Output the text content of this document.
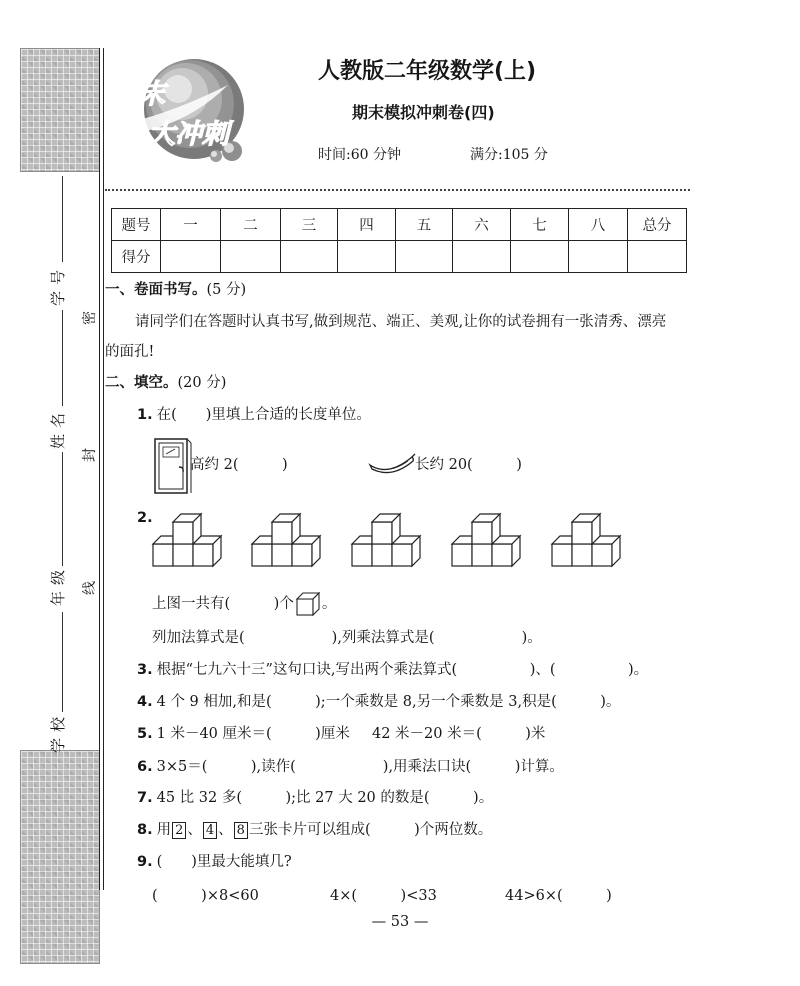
学号
姓名
年级
学校
密
封
线
期末
大冲刺
人教版二年级数学(上)
期末模拟冲刺卷(四)
时间:60 分钟	满分:105 分
题号	一	二	三	四	五	六	七	八	总分
得分									
一、卷面书写。(5 分)
请同学们在答题时认真书写,做到规范、端正、美观,让你的试卷拥有一张清秀、漂亮
的面孔!
二、填空。(20 分)
1. 在(　　)里填上合适的长度单位。
高约 2(　　　)	长约 20(　　　)
2.
上图一共有(　　　)个 。
列加法算式是(　　　　　　),列乘法算式是(　　　　　　)。
3. 根据“七九六十三”这句口诀,写出两个乘法算式(　　　　　)、(　　　　　)。
4. 4 个 9 相加,和是(　　　);一个乘数是 8,另一个乘数是 3,积是(　　　)。
5. 1 米－40 厘米＝(　　　)厘米 42 米－20 米＝(　　　)米
6. 3×5＝(　　　),读作(　　　　　　),用乘法口诀(　　　)计算。
7. 45 比 32 多(　　　);比 27 大 20 的数是(　　　)。
8. 用 2 、 4 、 8 三张卡片可以组成(　　　)个两位数。
9. (　　)里最大能填几?
(　　　)×8<60	4×(　　　)<33	44>6×(　　　)
— 53 —
